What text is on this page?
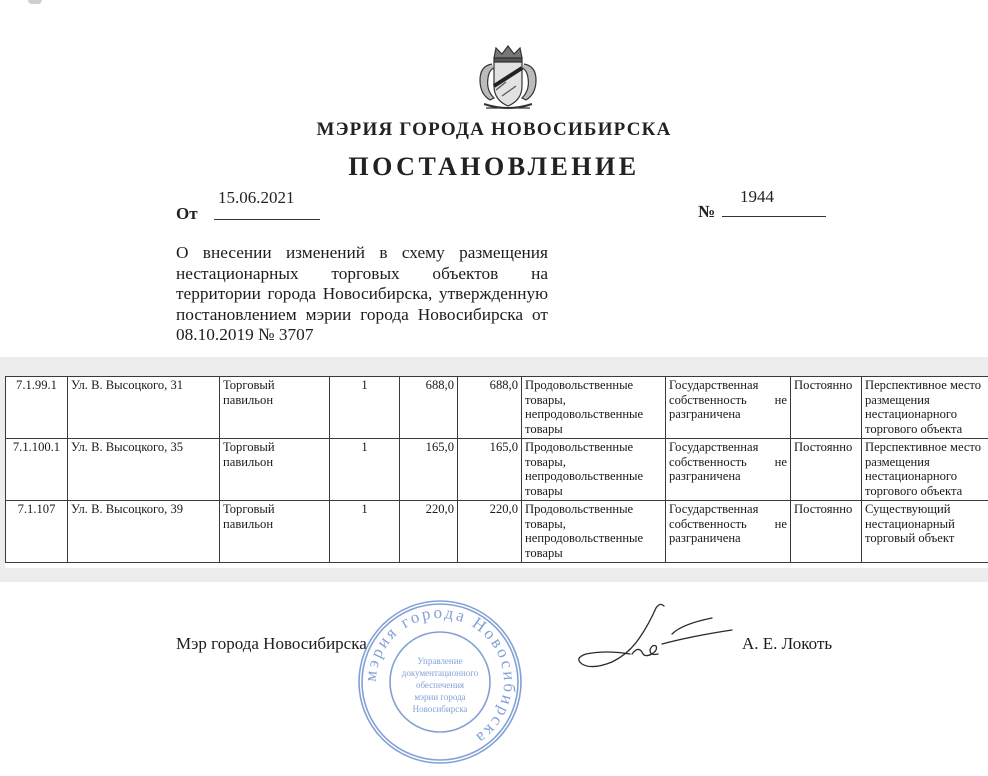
МЭРИЯ ГОРОДА НОВОСИБИРСКА
ПОСТАНОВЛЕНИЕ
От
15.06.2021
№
1944
О внесении изменений в схему размещения нестационарных торговых объектов на территории города Новосибирска, утвержденную постановлением мэрии города Новосибирска от 08.10.2019 № 3707
7.1.99.1	Ул. В. Высоцкого, 31	Торговый павильон	1	688,0	688,0	Продовольственные товары, непродовольственные товары	Государственная собственность не разграничена	Постоянно	Перспективное место размещения нестационарного торгового объекта
7.1.100.1	Ул. В. Высоцкого, 35	Торговый павильон	1	165,0	165,0	Продовольственные товары, непродовольственные товары	Государственная собственность не разграничена	Постоянно	Перспективное место размещения нестационарного торгового объекта
7.1.107	Ул. В. Высоцкого, 39	Торговый павильон	1	220,0	220,0	Продовольственные товары, непродовольственные товары	Государственная собственность не разграничена	Постоянно	Существующий нестационарный торговый объект
Мэр города Новосибирска	А. Е. Локоть
мэрия города Новосибирска
Управление
документационного
обеспечения
мэрии города
Новосибирска
